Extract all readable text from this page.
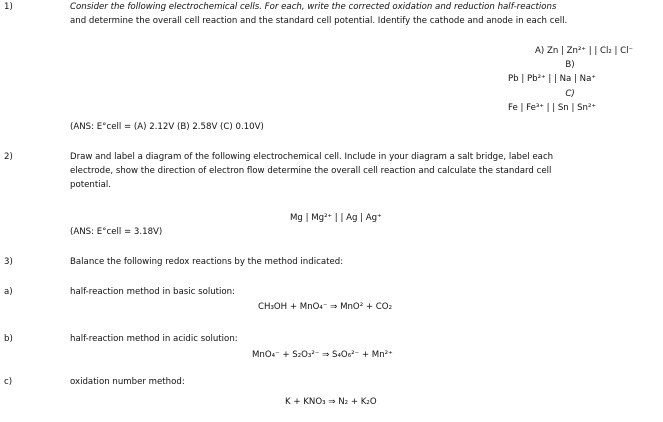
1)	Consider the following electrochemical cells. For each, write the corrected oxidation and reduction half-reactions
and determine the overall cell reaction and the standard cell potential. Identify the cathode and anode in each cell.
A) Zn | Zn²⁺ | | Cl₂ | Cl⁻
B)
Pb | Pb²⁺ | | Na | Na⁺
C)
Fe | Fe³⁺ | | Sn | Sn²⁺
(ANS: E°cell = (A) 2.12V (B) 2.58V (C) 0.10V)
2)	Draw and label a diagram of the following electrochemical cell. Include in your diagram a salt bridge, label each
electrode, show the direction of electron flow determine the overall cell reaction and calculate the standard cell
potential.
Mg | Mg²⁺ | | Ag | Ag⁺
(ANS: E°cell = 3.18V)
3)	Balance the following redox reactions by the method indicated:
a)	half-reaction method in basic solution:
CH₃OH + MnO₄⁻ ⇒ MnO² + CO₂
b)	half-reaction method in acidic solution:
MnO₄⁻ + S₂O₃²⁻ ⇒ S₄O₆²⁻ + Mn²⁺
c)	oxidation number method:
K + KNO₃ ⇒ N₂ + K₂O
